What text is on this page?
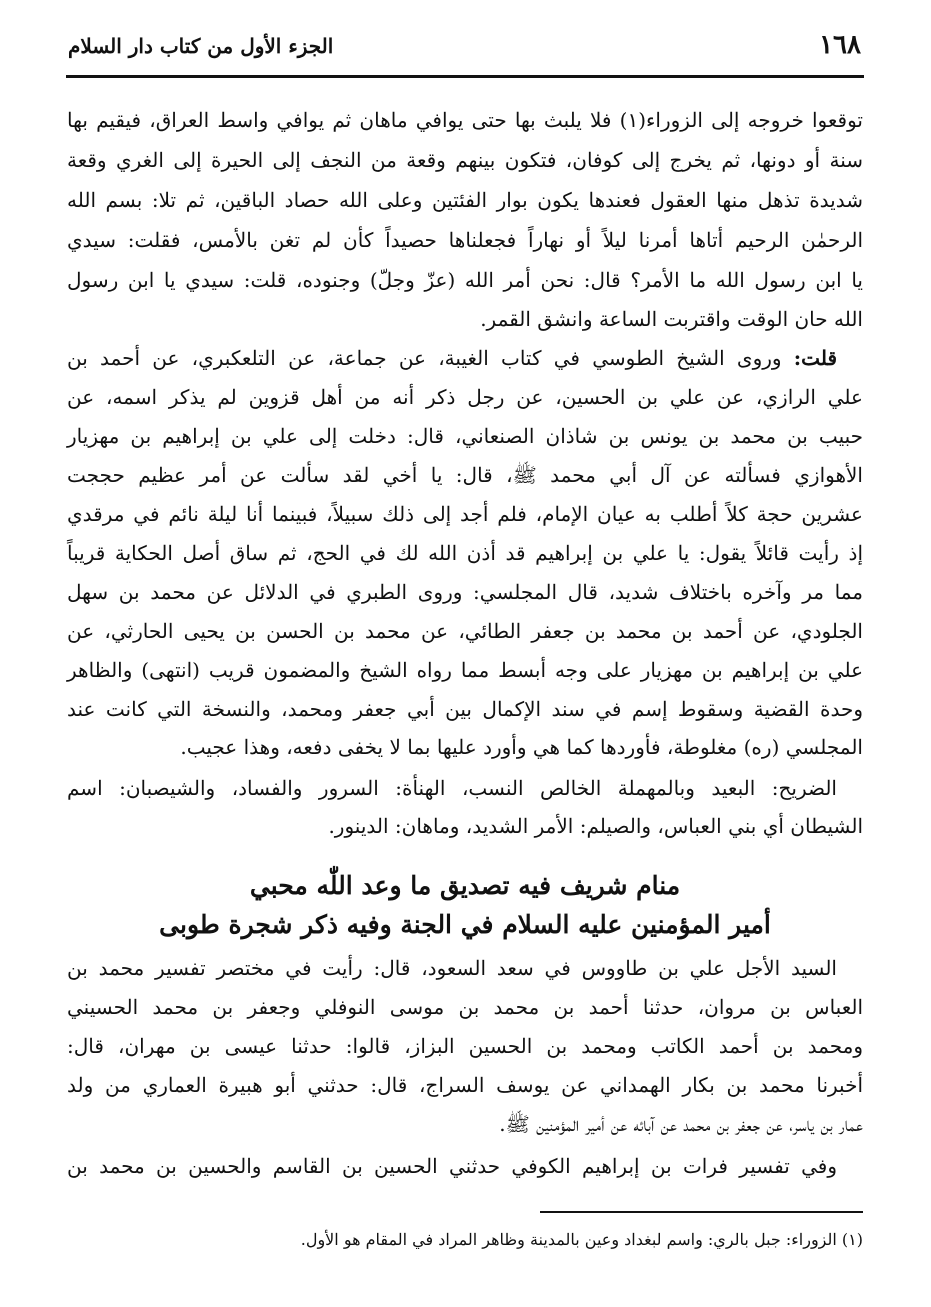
١٦٨
الجزء الأول من كتاب دار السلام
توقعوا خروجه إلى الزوراء(١) فلا يلبث بها حتى يوافي ماهان ثم يوافي واسط العراق، فيقيم بها
سنة أو دونها، ثم يخرج إلى كوفان، فتكون بينهم وقعة من النجف إلى الحيرة إلى الغري وقعة
شديدة تذهل منها العقول فعندها يكون بوار الفئتين وعلى الله حصاد الباقين، ثم تلا: بسم الله
الرحمٰن الرحيم أتاها أمرنا ليلاً أو نهاراً فجعلناها حصيداً كأن لم تغن بالأمس، فقلت: سيدي
يا ابن رسول الله ما الأمر؟ قال: نحن أمر الله (عزّ وجلّ) وجنوده، قلت: سيدي يا ابن رسول
الله حان الوقت واقتربت الساعة وانشق القمر.
قلت: وروى الشيخ الطوسي في كتاب الغيبة، عن جماعة، عن التلعكبري، عن أحمد بن
علي الرازي، عن علي بن الحسين، عن رجل ذكر أنه من أهل قزوين لم يذكر اسمه، عن
حبيب بن محمد بن يونس بن شاذان الصنعاني، قال: دخلت إلى علي بن إبراهيم بن مهزيار
الأهوازي فسألته عن آل أبي محمد ﷺ، قال: يا أخي لقد سألت عن أمر عظيم حججت
عشرين حجة كلاً أطلب به عيان الإمام، فلم أجد إلى ذلك سبيلاً، فبينما أنا ليلة نائم في مرقدي
إذ رأيت قائلاً يقول: يا علي بن إبراهيم قد أذن الله لك في الحج، ثم ساق أصل الحكاية قريباً
مما مر وآخره باختلاف شديد، قال المجلسي: وروى الطبري في الدلائل عن محمد بن سهل
الجلودي، عن أحمد بن محمد بن جعفر الطائي، عن محمد بن الحسن بن يحيى الحارثي، عن
علي بن إبراهيم بن مهزيار على وجه أبسط مما رواه الشيخ والمضمون قريب (انتهى) والظاهر
وحدة القضية وسقوط إسم في سند الإكمال بين أبي جعفر ومحمد، والنسخة التي كانت عند
المجلسي (ره) مغلوطة، فأوردها كما هي وأورد عليها بما لا يخفى دفعه، وهذا عجيب.
الضريح: البعيد وبالمهملة الخالص النسب، الهنأة: السرور والفساد، والشيصبان: اسم
الشيطان أي بني العباس، والصيلم: الأمر الشديد، وماهان: الدينور.
منام شريف فيه تصديق ما وعد اللّٰه محبي
أمير المؤمنين عليه السلام في الجنة وفيه ذكر شجرة طوبى
السيد الأجل علي بن طاووس في سعد السعود، قال: رأيت في مختصر تفسير محمد بن
العباس بن مروان، حدثنا أحمد بن محمد بن موسى النوفلي وجعفر بن محمد الحسيني
ومحمد بن أحمد الكاتب ومحمد بن الحسين البزاز، قالوا: حدثنا عيسى بن مهران، قال:
أخبرنا محمد بن بكار الهمداني عن يوسف السراج، قال: حدثني أبو هبيرة العماري من ولد
عمار بن ياسر، عن جعفر بن محمد عن آبائه عن أمير المؤمنين ﷺ.
وفي تفسير فرات بن إبراهيم الكوفي حدثني الحسين بن القاسم والحسين بن محمد بن
(١) الزوراء: جبل بالري: واسم لبغداد وعين بالمدينة وظاهر المراد في المقام هو الأول.
